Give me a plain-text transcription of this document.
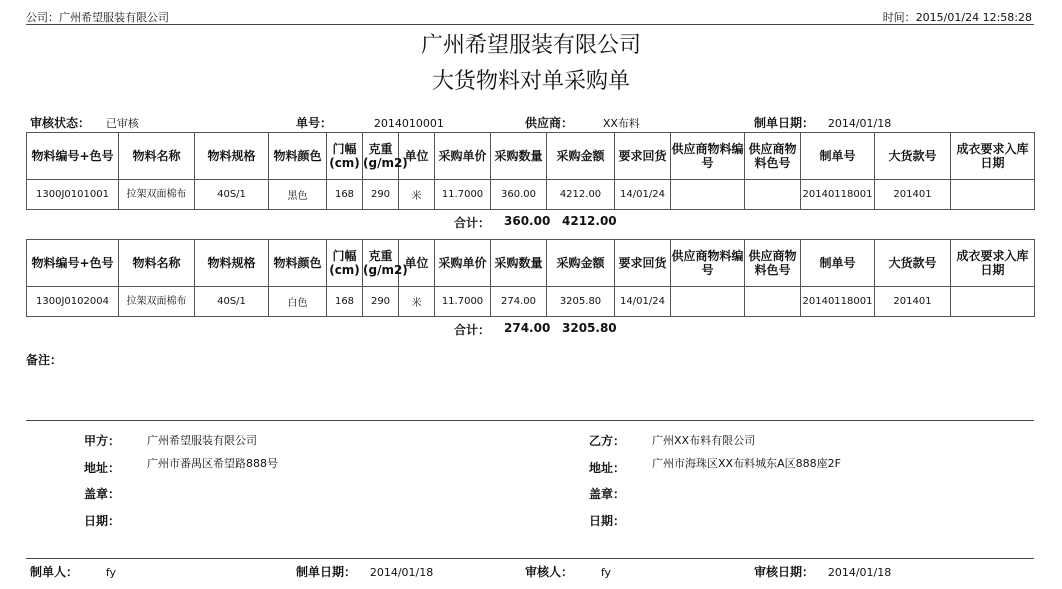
公司：广州希望服装有限公司	时间：2015/01/24 12:58:28
广州希望服装有限公司
大货物料对单采购单
审核状态： 已审核	单号：	2014010001	供应商：	XX布料	制单日期： 2014/01/18
物料编号+色号	物料名称	物料规格	物料颜色	门幅(cm)	克重(g/m2)	单位	采购单价	采购数量	采购金额	要求回货	供应商物料编号	供应商物料色号	制单号	大货款号	成衣要求入库日期
1300J0101001	拉架双面棉布	40S/1	黑色	168	290	米	11.7000	360.00	4212.00	14/01/24			20140118001	201401	
合计： 360.00 4212.00
物料编号+色号	物料名称	物料规格	物料颜色	门幅(cm)	克重(g/m2)	单位	采购单价	采购数量	采购金额	要求回货	供应商物料编号	供应商物料色号	制单号	大货款号	成衣要求入库日期
1300J0102004	拉架双面棉布	40S/1	白色	168	290	米	11.7000	274.00	3205.80	14/01/24			20140118001	201401	
合计： 274.00 3205.80
备注：
甲方： 广州希望服装有限公司
地址： 广州市番禺区希望路888号
盖章：
日期：
乙方： 广州XX布料有限公司
地址： 广州市海珠区XX布料城东A区888座2F
盖章：
日期：
制单人：	fy	制单日期： 2014/01/18	审核人：	fy	审核日期： 2014/01/18
